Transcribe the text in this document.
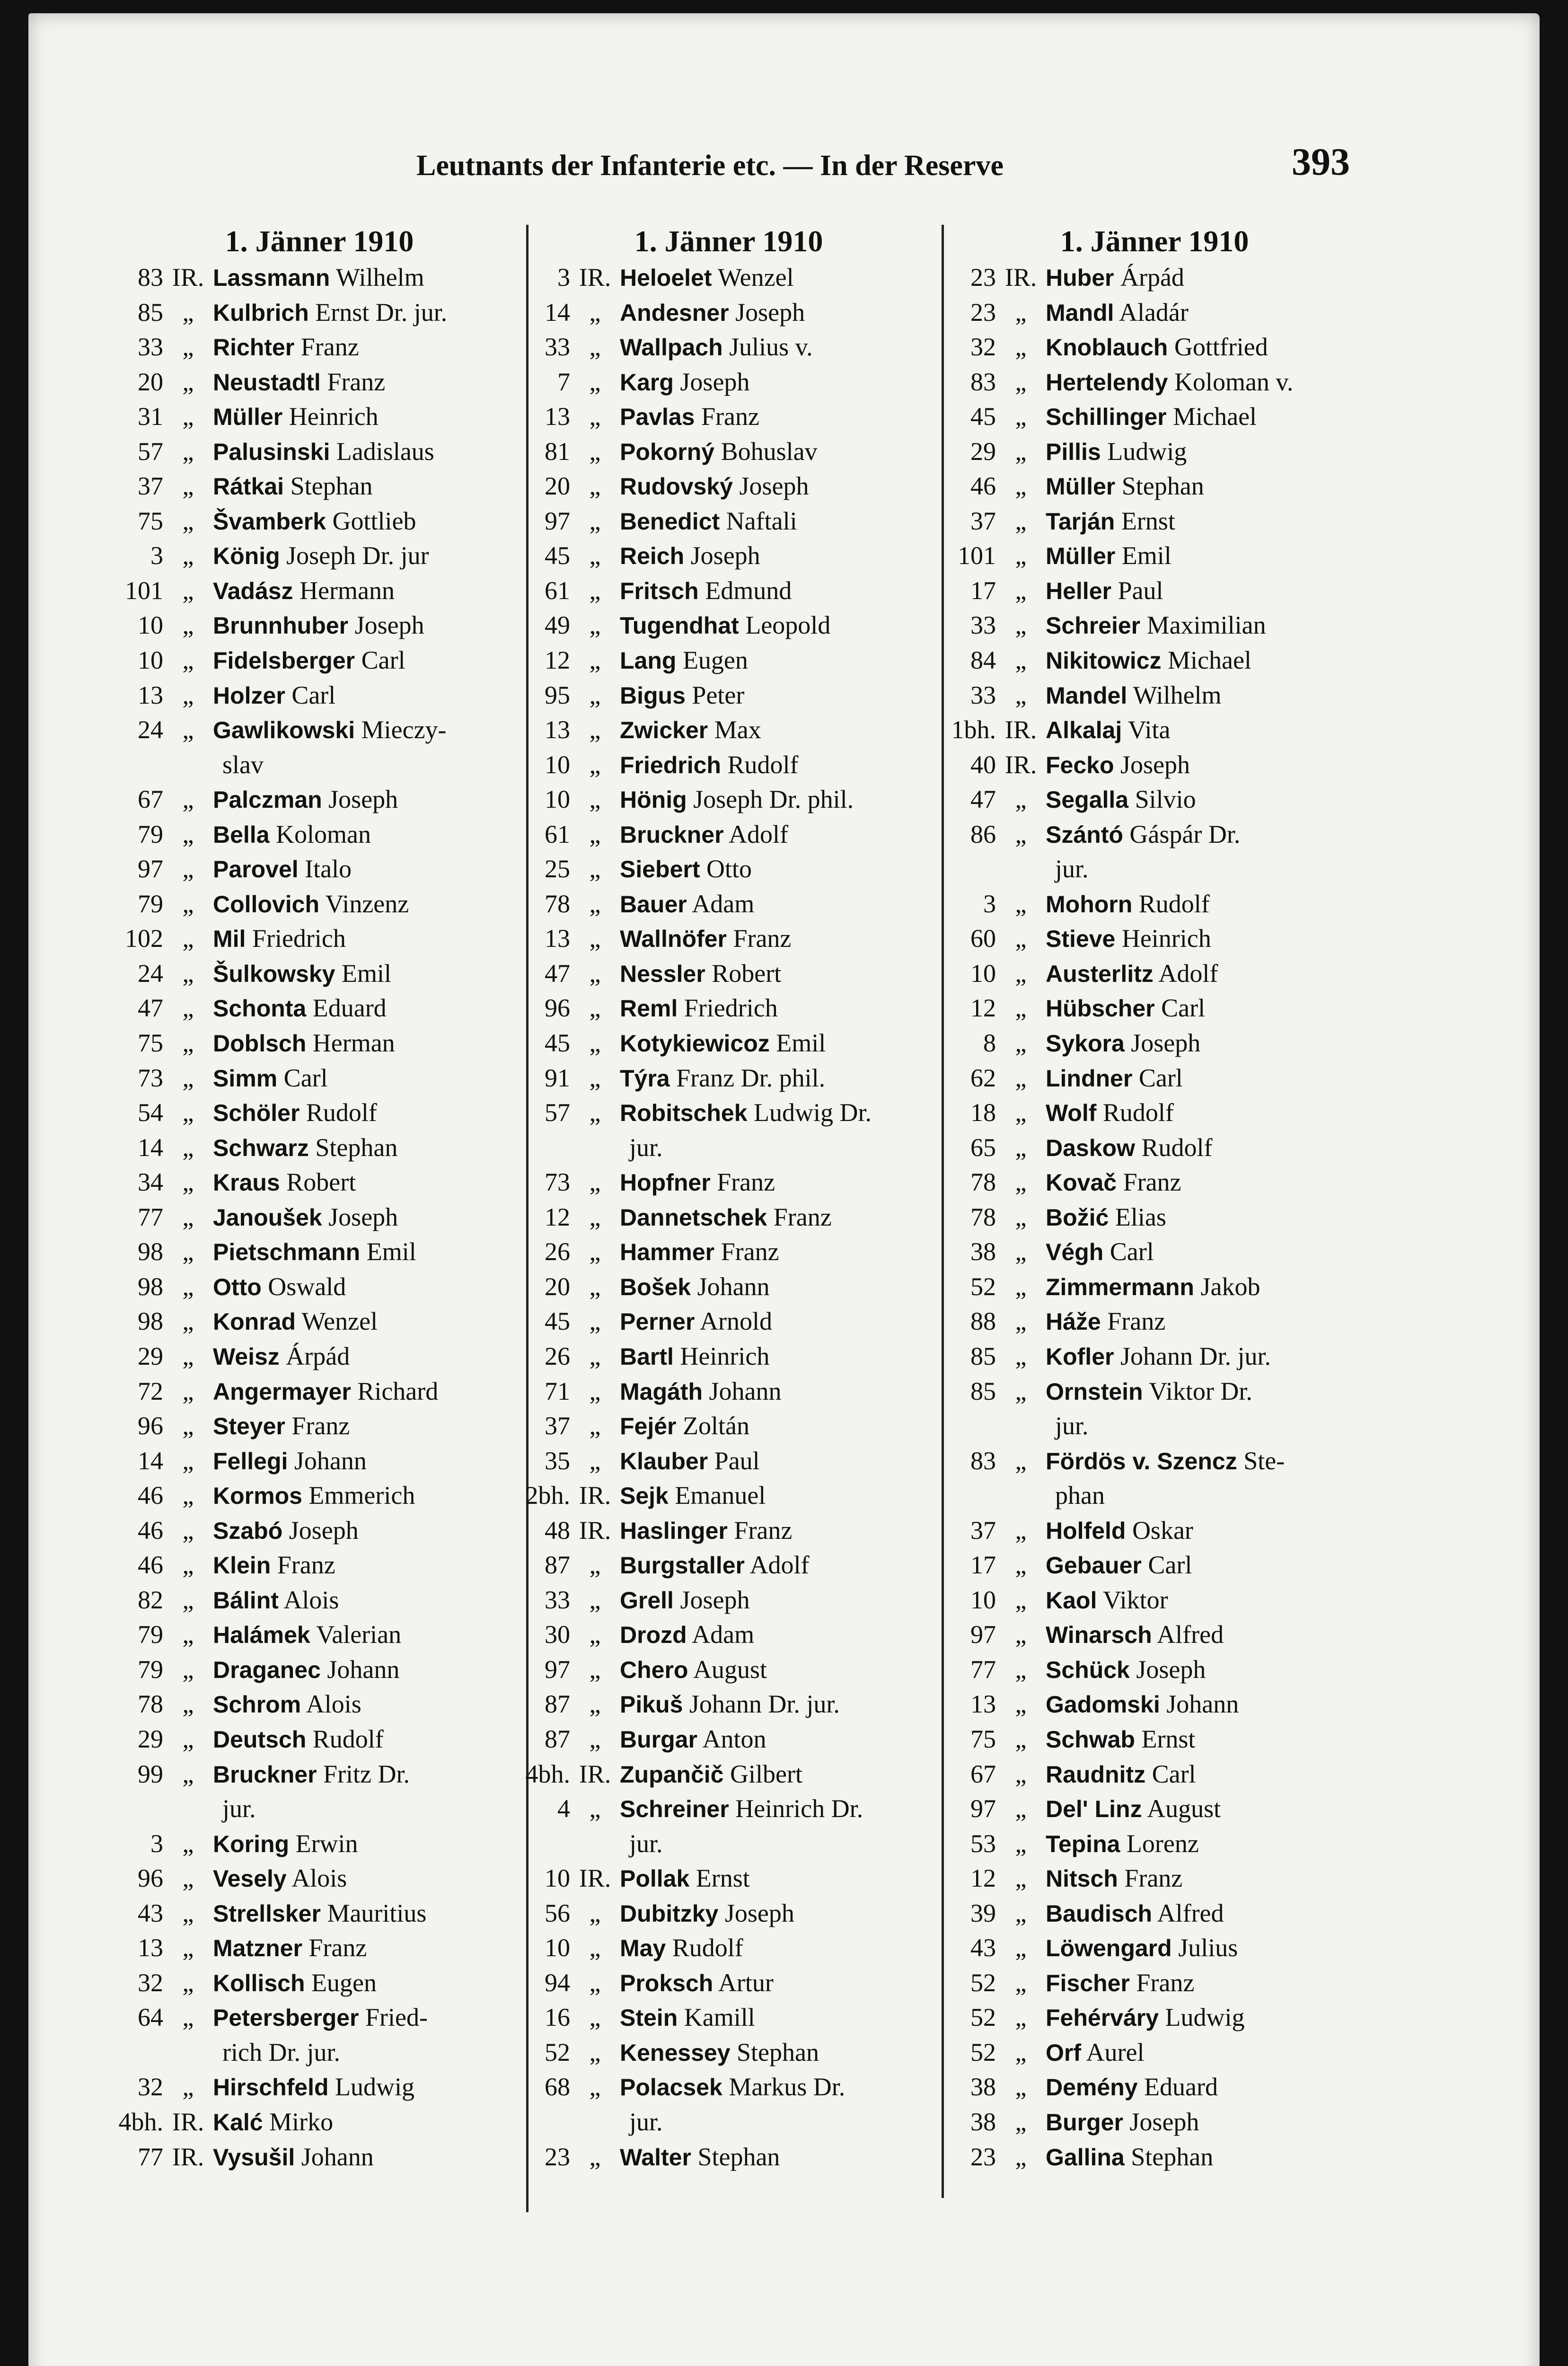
Leutnants der Infanterie etc. — In der Reserve	393
1. Jänner 1910
83 IR. Lassmann Wilhelm
85 „ Kulbrich Ernst Dr. jur.
33 „ Richter Franz
20 „ Neustadtl Franz
31 „ Müller Heinrich
57 „ Palusinski Ladislaus
37 „ Rátkai Stephan
75 „ Švamberk Gottlieb
3 „ König Joseph Dr. jur
101 „ Vadász Hermann
10 „ Brunnhuber Joseph
10 „ Fidelsberger Carl
13 „ Holzer Carl
24 „ Gawlikowski Mieczy-
slav
67 „ Palczman Joseph
79 „ Bella Koloman
97 „ Parovel Italo
79 „ Collovich Vinzenz
102 „ Mil Friedrich
24 „ Šulkowsky Emil
47 „ Schonta Eduard
75 „ Doblsch Herman
73 „ Simm Carl
54 „ Schöler Rudolf
14 „ Schwarz Stephan
34 „ Kraus Robert
77 „ Janoušek Joseph
98 „ Pietschmann Emil
98 „ Otto Oswald
98 „ Konrad Wenzel
29 „ Weisz Árpád
72 „ Angermayer Richard
96 „ Steyer Franz
14 „ Fellegi Johann
46 „ Kormos Emmerich
46 „ Szabó Joseph
46 „ Klein Franz
82 „ Bálint Alois
79 „ Halámek Valerian
79 „ Draganec Johann
78 „ Schrom Alois
29 „ Deutsch Rudolf
99 „ Bruckner Fritz Dr.
jur.
3 „ Koring Erwin
96 „ Vesely Alois
43 „ Strellsker Mauritius
13 „ Matzner Franz
32 „ Kollisch Eugen
64 „ Petersberger Fried-
rich Dr. jur.
32 „ Hirschfeld Ludwig
4bh. IR. Kalć Mirko
77 IR. Vysušil Johann
1. Jänner 1910
3 IR. Heloelet Wenzel
14 „ Andesner Joseph
33 „ Wallpach Julius v.
7 „ Karg Joseph
13 „ Pavlas Franz
81 „ Pokorný Bohuslav
20 „ Rudovský Joseph
97 „ Benedict Naftali
45 „ Reich Joseph
61 „ Fritsch Edmund
49 „ Tugendhat Leopold
12 „ Lang Eugen
95 „ Bigus Peter
13 „ Zwicker Max
10 „ Friedrich Rudolf
10 „ Hönig Joseph Dr. phil.
61 „ Bruckner Adolf
25 „ Siebert Otto
78 „ Bauer Adam
13 „ Wallnöfer Franz
47 „ Nessler Robert
96 „ Reml Friedrich
45 „ Kotykiewicoz Emil
91 „ Týra Franz Dr. phil.
57 „ Robitschek Ludwig Dr.
jur.
73 „ Hopfner Franz
12 „ Dannetschek Franz
26 „ Hammer Franz
20 „ Bošek Johann
45 „ Perner Arnold
26 „ Bartl Heinrich
71 „ Magáth Johann
37 „ Fejér Zoltán
35 „ Klauber Paul
2bh. IR. Sejk Emanuel
48 IR. Haslinger Franz
87 „ Burgstaller Adolf
33 „ Grell Joseph
30 „ Drozd Adam
97 „ Chero August
87 „ Pikuš Johann Dr. jur.
87 „ Burgar Anton
4bh. IR. Zupančič Gilbert
4 „ Schreiner Heinrich Dr.
jur.
10 IR. Pollak Ernst
56 „ Dubitzky Joseph
10 „ May Rudolf
94 „ Proksch Artur
16 „ Stein Kamill
52 „ Kenessey Stephan
68 „ Polacsek Markus Dr.
jur.
23 „ Walter Stephan
1. Jänner 1910
23 IR. Huber Árpád
23 „ Mandl Aladár
32 „ Knoblauch Gottfried
83 „ Hertelendy Koloman v.
45 „ Schillinger Michael
29 „ Pillis Ludwig
46 „ Müller Stephan
37 „ Tarján Ernst
101 „ Müller Emil
17 „ Heller Paul
33 „ Schreier Maximilian
84 „ Nikitowicz Michael
33 „ Mandel Wilhelm
1bh. IR. Alkalaj Vita
40 IR. Fecko Joseph
47 „ Segalla Silvio
86 „ Szántó Gáspár Dr.
jur.
3 „ Mohorn Rudolf
60 „ Stieve Heinrich
10 „ Austerlitz Adolf
12 „ Hübscher Carl
8 „ Sykora Joseph
62 „ Lindner Carl
18 „ Wolf Rudolf
65 „ Daskow Rudolf
78 „ Kovač Franz
78 „ Božić Elias
38 „ Végh Carl
52 „ Zimmermann Jakob
88 „ Háže Franz
85 „ Kofler Johann Dr. jur.
85 „ Ornstein Viktor Dr.
jur.
83 „ Fördös v. Szencz Ste-
phan
37 „ Holfeld Oskar
17 „ Gebauer Carl
10 „ Kaol Viktor
97 „ Winarsch Alfred
77 „ Schück Joseph
13 „ Gadomski Johann
75 „ Schwab Ernst
67 „ Raudnitz Carl
97 „ Del' Linz August
53 „ Tepina Lorenz
12 „ Nitsch Franz
39 „ Baudisch Alfred
43 „ Löwengard Julius
52 „ Fischer Franz
52 „ Fehérváry Ludwig
52 „ Orf Aurel
38 „ Demény Eduard
38 „ Burger Joseph
23 „ Gallina Stephan
